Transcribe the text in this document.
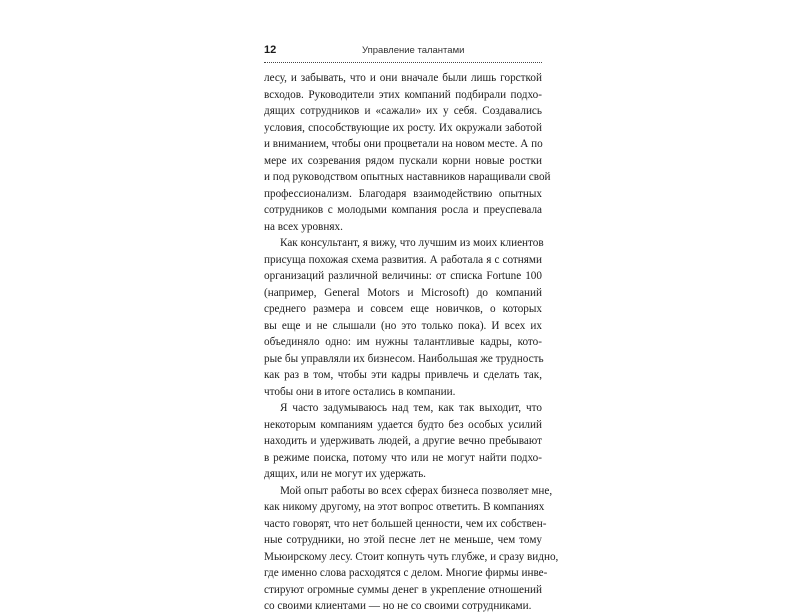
12	Управление талантами

лесу, и забывать, что и они вначале были лишь горсткой
всходов. Руководители этих компаний подбирали подхо-
дящих сотрудников и «сажали» их у себя. Создавались
условия, способствующие их росту. Их окружали заботой
и вниманием, чтобы они процветали на новом месте. А по
мере их созревания рядом пускали корни новые ростки
и под руководством опытных наставников наращивали свой
профессионализм. Благодаря взаимодействию опытных
сотрудников с молодыми компания росла и преуспевала
на всех уровнях.

Как консультант, я вижу, что лучшим из моих клиентов
присуща похожая схема развития. А работала я с сотнями
организаций различной величины: от списка Fortune 100
(например, General Motors и Microsoft) до компаний
среднего размера и совсем еще новичков, о которых
вы еще и не слышали (но это только пока). И всех их
объединяло одно: им нужны талантливые кадры, кото-
рые бы управляли их бизнесом. Наибольшая же трудность
как раз в том, чтобы эти кадры привлечь и сделать так,
чтобы они в итоге остались в компании.

Я часто задумываюсь над тем, как так выходит, что
некоторым компаниям удается будто без особых усилий
находить и удерживать людей, а другие вечно пребывают
в режиме поиска, потому что или не могут найти подхо-
дящих, или не могут их удержать.

Мой опыт работы во всех сферах бизнеса позволяет мне,
как никому другому, на этот вопрос ответить. В компаниях
часто говорят, что нет большей ценности, чем их собствен-
ные сотрудники, но этой песне лет не меньше, чем тому
Мьюирскому лесу. Стоит копнуть чуть глубже, и сразу видно,
где именно слова расходятся с делом. Многие фирмы инве-
стируют огромные суммы денег в укрепление отношений
со своими клиентами — но не со своими сотрудниками.
